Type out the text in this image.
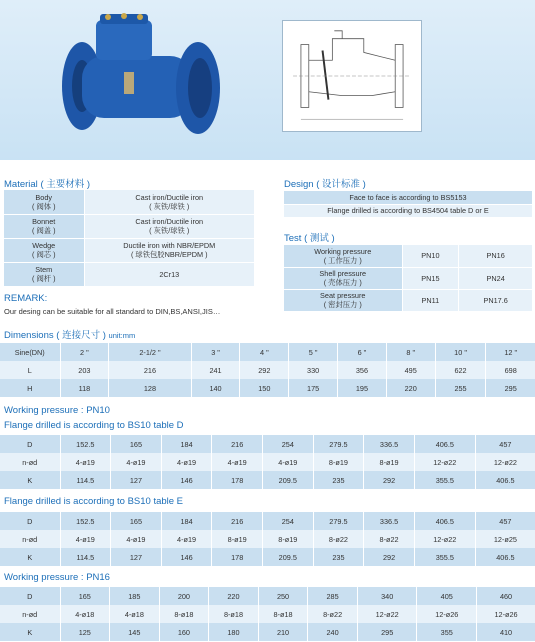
Material ( 主要材料 )
Body
( 阀体 )	Cast iron/Ductile iron
( 灰铁/球铁 )
Bonnet
( 阀盖 )	Cast iron/Ductile iron
( 灰铁/球铁 )
Wedge
( 阀芯 )	Ductile iron with NBR/EPDM
( 球铁包胶NBR/EPDM )
Stem
( 阀杆 )	2Cr13
REMARK:
Our desing can be suitable for all standard to DIN,BS,ANSI,JIS…
Design ( 设计标准 )
Face to face is according to BS5153
Flange drilled is according to BS4504 table D or E
Test ( 测试 )
Working pressure
( 工作压力 )	PN10	PN16
Shell pressure
( 壳体压力 )	PN15	PN24
Seat pressure
( 密封压力 )	PN11	PN17.6
Dimensions ( 连接尺寸 ) unit:mm
Sine(DN)	2 "	2-1/2 "	3 "	4 "	5 "	6 "	8 "	10 "	12 "
L	203	216	241	292	330	356	495	622	698
H	118	128	140	150	175	195	220	255	295
Working pressure : PN10
Flange drilled is according to BS10 table D
D	152.5	165	184	216	254	279.5	336.5	406.5	457
n-ød	4-ø19	4-ø19	4-ø19	4-ø19	4-ø19	8-ø19	8-ø19	12-ø22	12-ø22
K	114.5	127	146	178	209.5	235	292	355.5	406.5
Flange drilled is according to BS10 table E
D	152.5	165	184	216	254	279.5	336.5	406.5	457
n-ød	4-ø19	4-ø19	4-ø19	8-ø19	8-ø19	8-ø22	8-ø22	12-ø22	12-ø25
K	114.5	127	146	178	209.5	235	292	355.5	406.5
Working pressure : PN16
D	165	185	200	220	250	285	340	405	460
n-ød	4-ø18	4-ø18	8-ø18	8-ø18	8-ø18	8-ø22	12-ø22	12-ø26	12-ø26
K	125	145	160	180	210	240	295	355	410
